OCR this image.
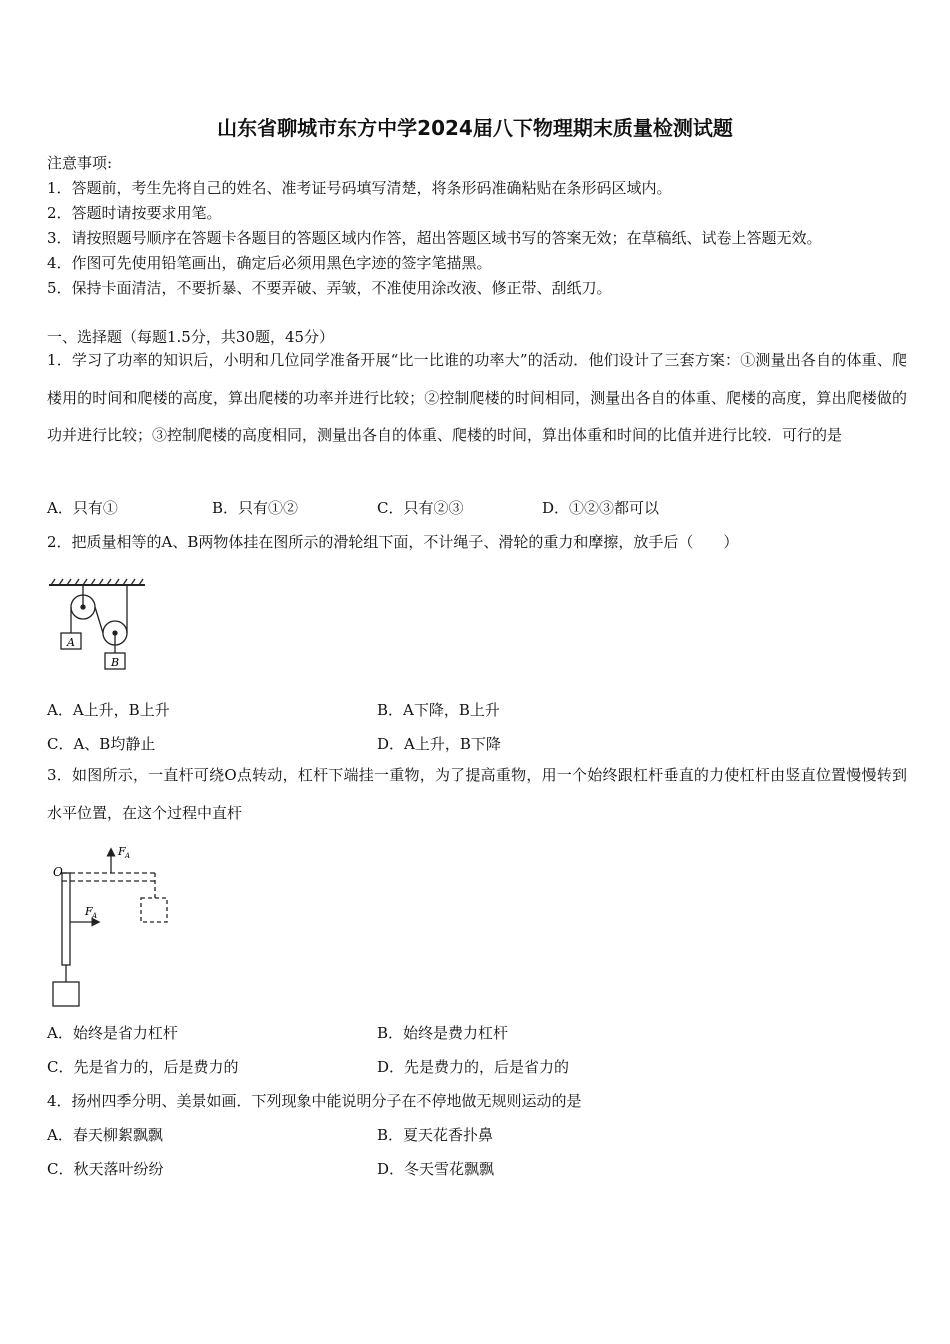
山东省聊城市东方中学2024届八下物理期末质量检测试题
注意事项:
1．答题前，考生先将自己的姓名、准考证号码填写清楚，将条形码准确粘贴在条形码区域内。
2．答题时请按要求用笔。
3．请按照题号顺序在答题卡各题目的答题区域内作答，超出答题区域书写的答案无效；在草稿纸、试卷上答题无效。
4．作图可先使用铅笔画出，确定后必须用黑色字迹的签字笔描黑。
5．保持卡面清洁，不要折暴、不要弄破、弄皱，不准使用涂改液、修正带、刮纸刀。
一、选择题（每题1.5分，共30题，45分）
1．学习了功率的知识后，小明和几位同学准备开展“比一比谁的功率大”的活动．他们设计了三套方案：①测量出各自的体重、爬楼用的时间和爬楼的高度，算出爬楼的功率并进行比较；②控制爬楼的时间相同，测量出各自的体重、爬楼的高度，算出爬楼做的功并进行比较；③控制爬楼的高度相同，测量出各自的体重、爬楼的时间，算出体重和时间的比值并进行比较．可行的是
A．只有①	B．只有①②	C．只有②③	D．①②③都可以
2．把质量相等的A、B两物体挂在图所示的滑轮组下面，不计绳子、滑轮的重力和摩擦，放手后（　　）
A
B
A．A上升，B上升	B．A下降，B上升
C．A、B均静止	D．A上升，B下降
3．如图所示，一直杆可绕O点转动，杠杆下端挂一重物，为了提高重物，用一个始终跟杠杆垂直的力使杠杆由竖直位置慢慢转到水平位置，在这个过程中直杆
O
F A
F A
A．始终是省力杠杆	B．始终是费力杠杆
C．先是省力的，后是费力的	D．先是费力的，后是省力的
4．扬州四季分明、美景如画．下列现象中能说明分子在不停地做无规则运动的是
A．春天柳絮飘飘	B．夏天花香扑鼻
C．秋天落叶纷纷	D．冬天雪花飘飘
